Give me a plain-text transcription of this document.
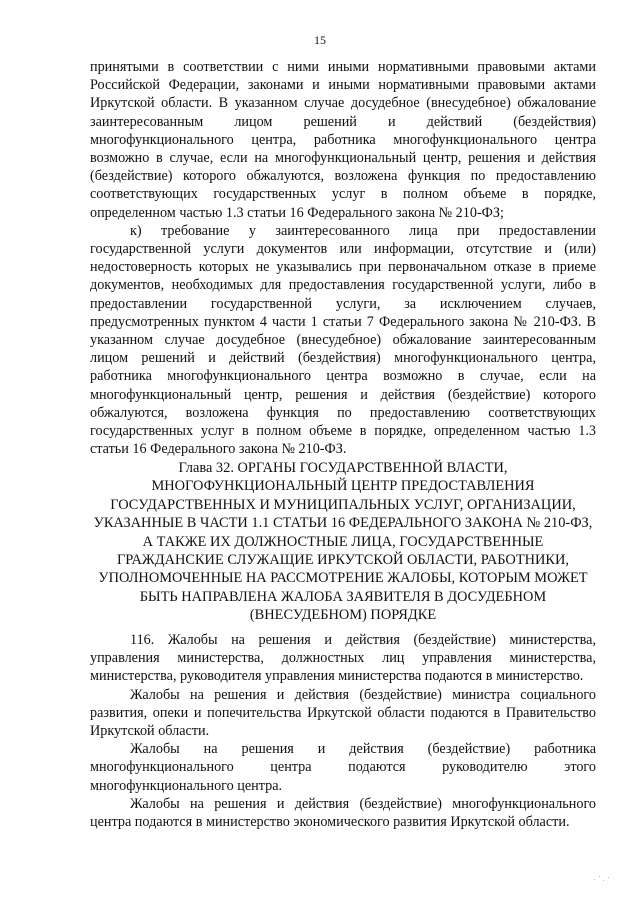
15

принятыми в соответствии с ними иными нормативными правовыми актами Российской Федерации, законами и иными нормативными правовыми актами Иркутской области. В указанном случае досудебное (внесудебное) обжалование заинтересованным лицом решений и действий (бездействия) многофункционального центра, работника многофункционального центра возможно в случае, если на многофункциональный центр, решения и действия (бездействие) которого обжалуются, возложена функция по предоставлению соответствующих государственных услуг в полном объеме в порядке, определенном частью 1.3 статьи 16 Федерального закона № 210-ФЗ;

к) требование у заинтересованного лица при предоставлении государственной услуги документов или информации, отсутствие и (или) недостоверность которых не указывались при первоначальном отказе в приеме документов, необходимых для предоставления государственной услуги, либо в предоставлении государственной услуги, за исключением случаев, предусмотренных пунктом 4 части 1 статьи 7 Федерального закона № 210-ФЗ. В указанном случае досудебное (внесудебное) обжалование заинтересованным лицом решений и действий (бездействия) многофункционального центра, работника многофункционального центра возможно в случае, если на многофункциональный центр, решения и действия (бездействие) которого обжалуются, возложена функция по предоставлению соответствующих государственных услуг в полном объеме в порядке, определенном частью 1.3 статьи 16 Федерального закона № 210-ФЗ.

Глава 32. ОРГАНЫ ГОСУДАРСТВЕННОЙ ВЛАСТИ, МНОГОФУНКЦИОНАЛЬНЫЙ ЦЕНТР ПРЕДОСТАВЛЕНИЯ ГОСУДАРСТВЕННЫХ И МУНИЦИПАЛЬНЫХ УСЛУГ, ОРГАНИЗАЦИИ, УКАЗАННЫЕ В ЧАСТИ 1.1 СТАТЬИ 16 ФЕДЕРАЛЬНОГО ЗАКОНА № 210-ФЗ, А ТАКЖЕ ИХ ДОЛЖНОСТНЫЕ ЛИЦА, ГОСУДАРСТВЕННЫЕ ГРАЖДАНСКИЕ СЛУЖАЩИЕ ИРКУТСКОЙ ОБЛАСТИ, РАБОТНИКИ, УПОЛНОМОЧЕННЫЕ НА РАССМОТРЕНИЕ ЖАЛОБЫ, КОТОРЫМ МОЖЕТ БЫТЬ НАПРАВЛЕНА ЖАЛОБА ЗАЯВИТЕЛЯ В ДОСУДЕБНОМ (ВНЕСУДЕБНОМ) ПОРЯДКЕ

116. Жалобы на решения и действия (бездействие) министерства, управления министерства, должностных лиц управления министерства, министерства, руководителя управления министерства подаются в министерство.

Жалобы на решения и действия (бездействие) министра социального развития, опеки и попечительства Иркутской области подаются в Правительство Иркутской области.

Жалобы на решения и действия (бездействие) работника многофункционального центра подаются руководителю этого многофункционального центра.

Жалобы на решения и действия (бездействие) многофункционального центра подаются в министерство экономического развития Иркутской области.
